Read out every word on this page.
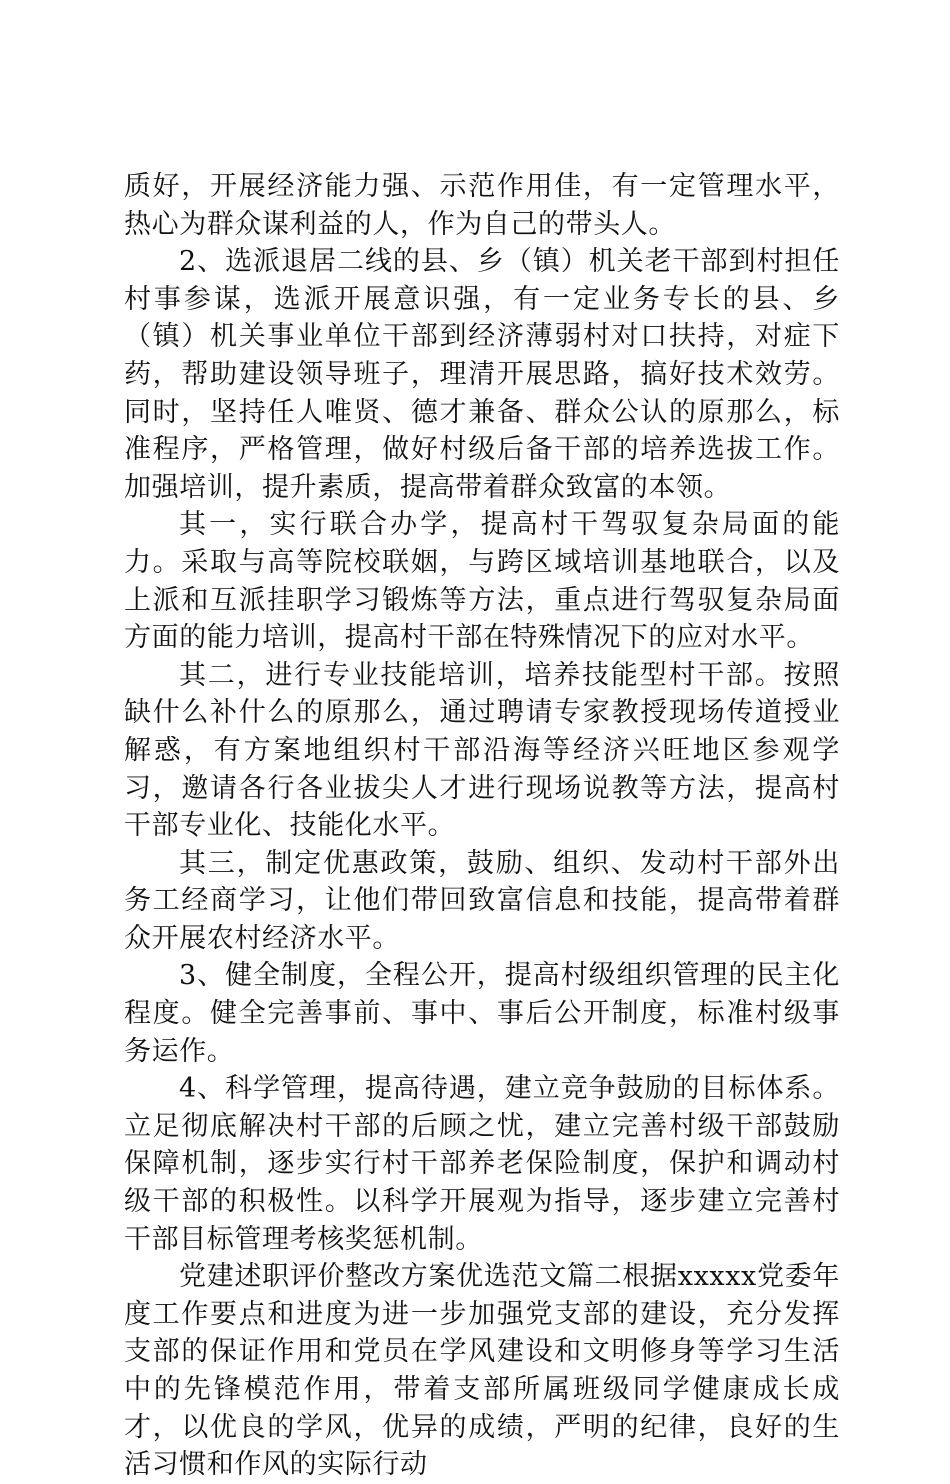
质好，开展经济能力强、示范作用佳，有一定管理水平，热心为群众谋利益的人，作为自己的带头人。

2、选派退居二线的县、乡（镇）机关老干部到村担任村事参谋，选派开展意识强，有一定业务专长的县、乡（镇）机关事业单位干部到经济薄弱村对口扶持，对症下药，帮助建设领导班子，理清开展思路，搞好技术效劳。同时，坚持任人唯贤、德才兼备、群众公认的原那么，标准程序，严格管理，做好村级后备干部的培养选拔工作。加强培训，提升素质，提高带着群众致富的本领。

其一，实行联合办学，提高村干驾驭复杂局面的能力。采取与高等院校联姻，与跨区域培训基地联合，以及上派和互派挂职学习锻炼等方法，重点进行驾驭复杂局面方面的能力培训，提高村干部在特殊情况下的应对水平。

其二，进行专业技能培训，培养技能型村干部。按照缺什么补什么的原那么，通过聘请专家教授现场传道授业解惑，有方案地组织村干部沿海等经济兴旺地区参观学习，邀请各行各业拔尖人才进行现场说教等方法，提高村干部专业化、技能化水平。

其三，制定优惠政策，鼓励、组织、发动村干部外出务工经商学习，让他们带回致富信息和技能，提高带着群众开展农村经济水平。

3、健全制度，全程公开，提高村级组织管理的民主化程度。健全完善事前、事中、事后公开制度，标准村级事务运作。

4、科学管理，提高待遇，建立竞争鼓励的目标体系。立足彻底解决村干部的后顾之忧，建立完善村级干部鼓励保障机制，逐步实行村干部养老保险制度，保护和调动村级干部的积极性。以科学开展观为指导，逐步建立完善村干部目标管理考核奖惩机制。

党建述职评价整改方案优选范文篇二根据xxxxx党委年度工作要点和进度为进一步加强党支部的建设，充分发挥支部的保证作用和党员在学风建设和文明修身等学习生活中的先锋模范作用，带着支部所属班级同学健康成长成才，以优良的学风，优异的成绩，严明的纪律，良好的生活习惯和作风的实际行动
